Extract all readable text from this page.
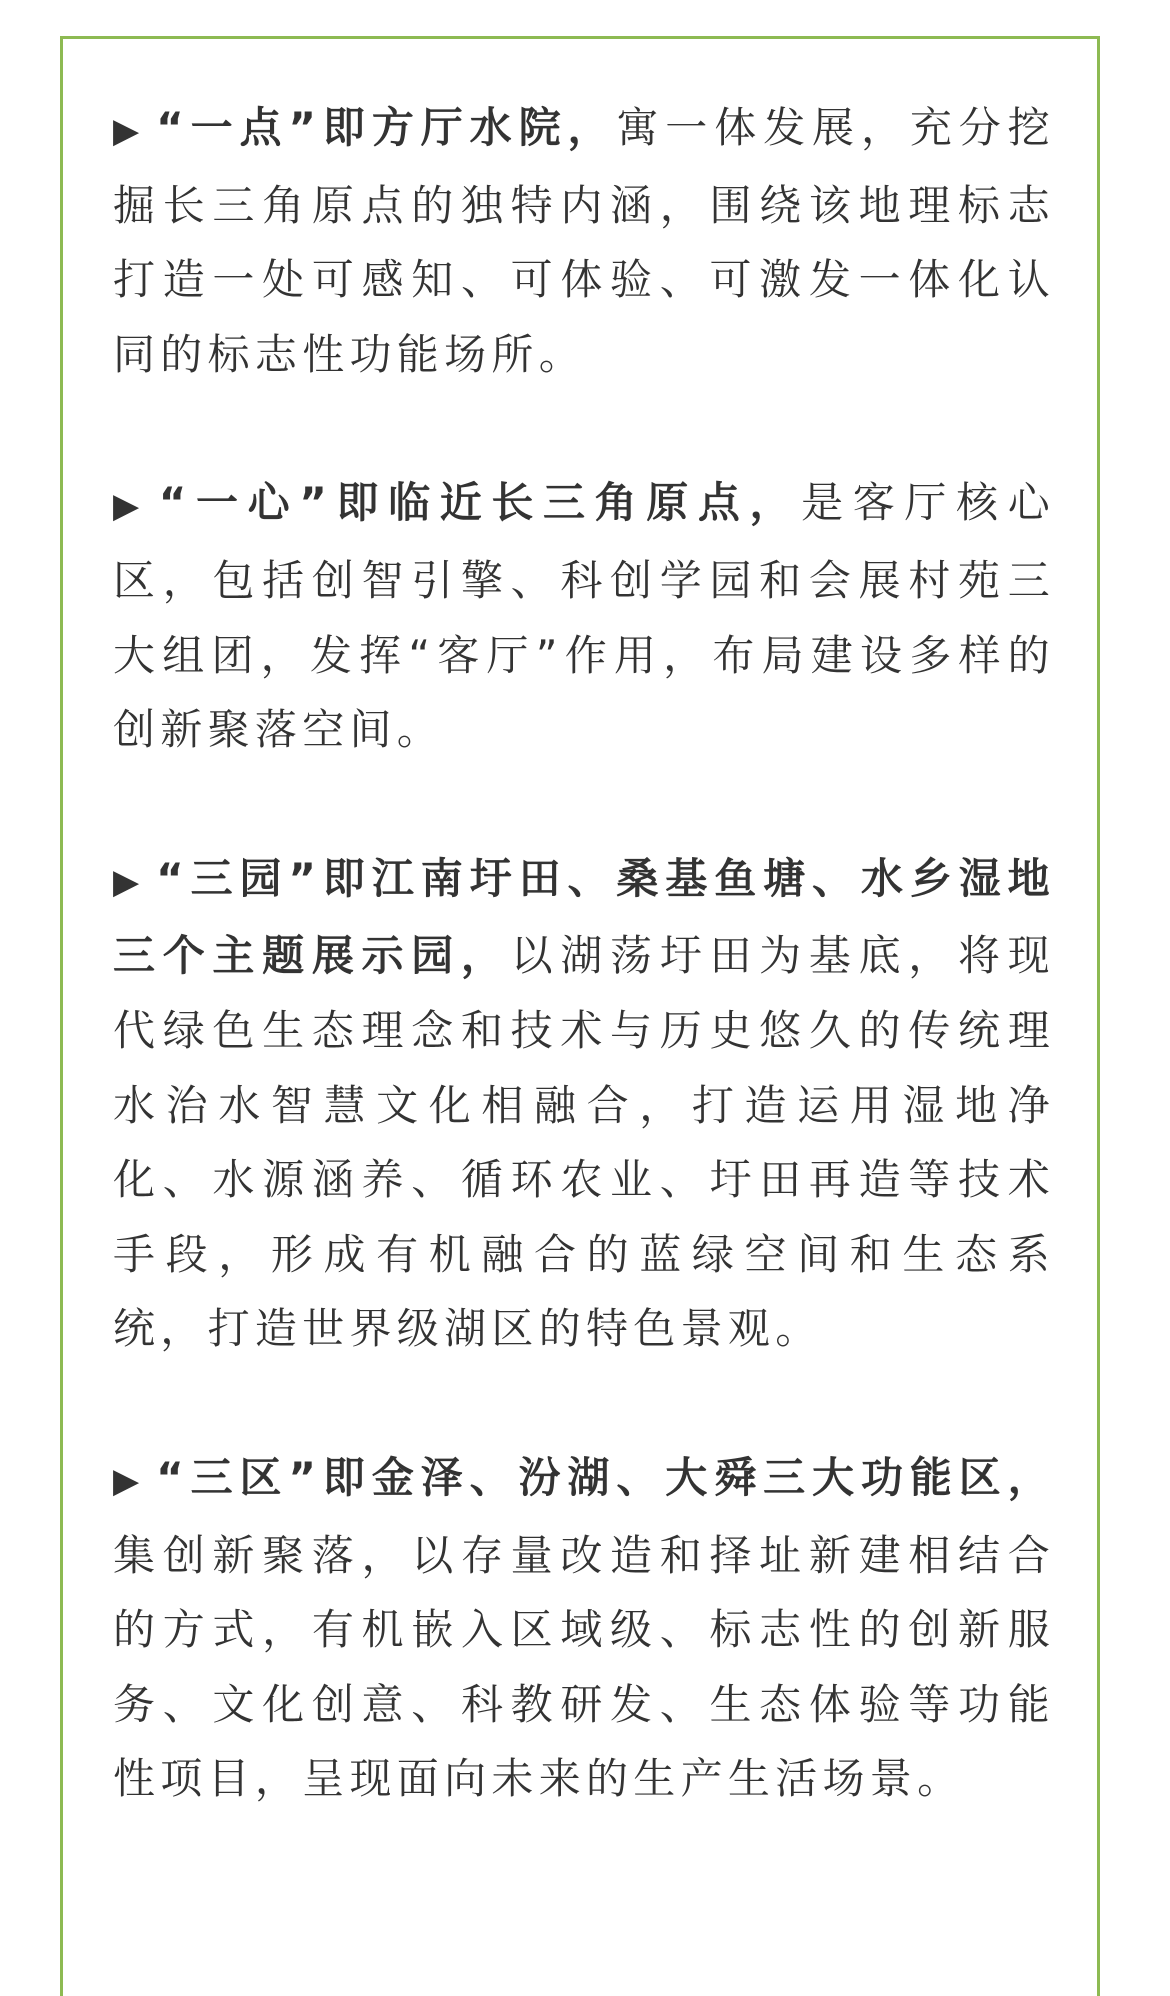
▶ “一点”即方厅水院，寓一体发展，充分挖掘长三角原点的独特内涵，围绕该地理标志打造一处可感知、可体验、可激发一体化认同的标志性功能场所。

▶ “一心”即临近长三角原点，是客厅核心区，包括创智引擎、科创学园和会展村苑三大组团，发挥“客厅”作用，布局建设多样的创新聚落空间。

▶ “三园”即江南圩田、桑基鱼塘、水乡湿地三个主题展示园，以湖荡圩田为基底，将现代绿色生态理念和技术与历史悠久的传统理水治水智慧文化相融合，打造运用湿地净化、水源涵养、循环农业、圩田再造等技术手段，形成有机融合的蓝绿空间和生态系统，打造世界级湖区的特色景观。

▶ “三区”即金泽、汾湖、大舜三大功能区，集创新聚落，以存量改造和择址新建相结合的方式，有机嵌入区域级、标志性的创新服务、文化创意、科教研发、生态体验等功能性项目，呈现面向未来的生产生活场景。
